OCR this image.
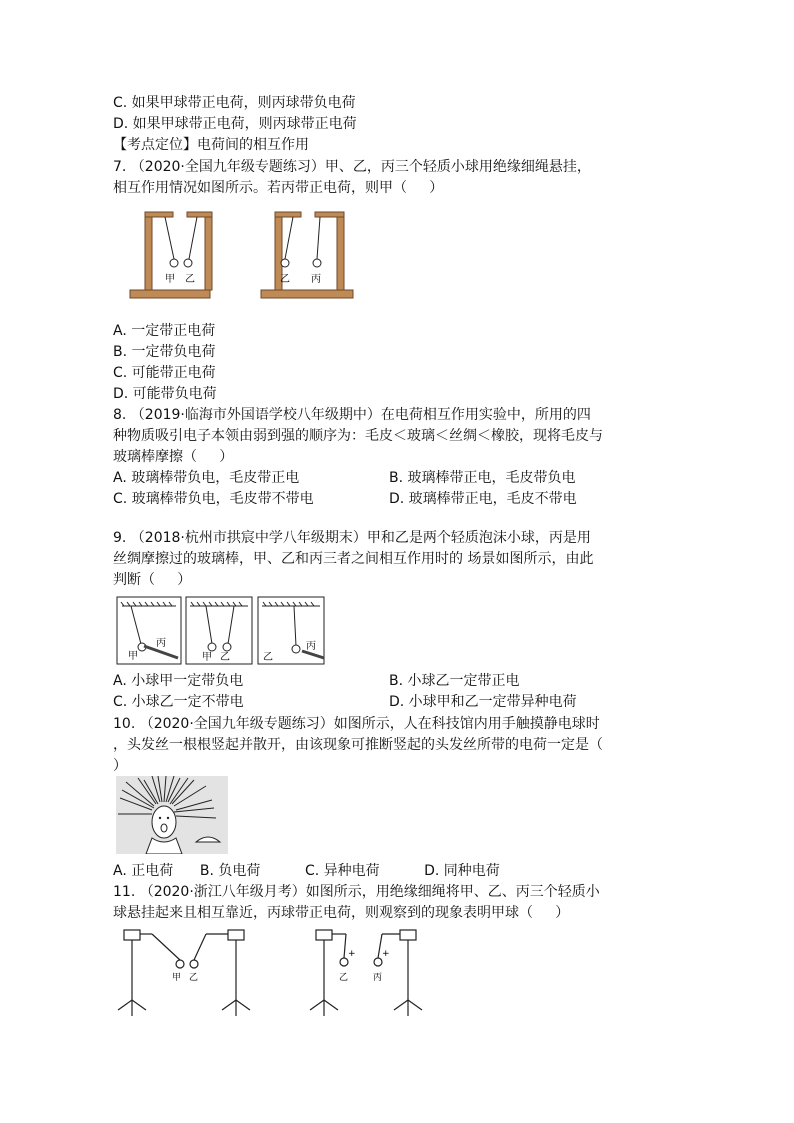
C. 如果甲球带正电荷，则丙球带负电荷
D. 如果甲球带正电荷，则丙球带正电荷
【考点定位】电荷间的相互作用
7. （2020·全国九年级专题练习）甲、乙，丙三个轻质小球用绝缘细绳悬挂，
相互作用情况如图所示。若丙带正电荷，则甲（     ）
甲 乙	乙 丙
A. 一定带正电荷
B. 一定带负电荷
C. 可能带正电荷
D. 可能带负电荷
8. （2019·临海市外国语学校八年级期中）在电荷相互作用实验中，所用的四
种物质吸引电子本领由弱到强的顺序为：毛皮＜玻璃＜丝绸＜橡胶，现将毛皮与
玻璃棒摩擦（     ）
A. 玻璃棒带负电，毛皮带正电	B. 玻璃棒带正电，毛皮带负电
C. 玻璃棒带负电，毛皮带不带电	D. 玻璃棒带正电，毛皮不带电
9. （2018·杭州市拱宸中学八年级期末）甲和乙是两个轻质泡沫小球，丙是用
丝绸摩擦过的玻璃棒，甲、乙和丙三者之间相互作用时的 场景如图所示，由此
判断（     ）
丙
甲	甲 乙	乙
丙
A. 小球甲一定带负电	B. 小球乙一定带正电
C. 小球乙一定不带电	D. 小球甲和乙一定带异种电荷
10. （2020·全国九年级专题练习）如图所示，人在科技馆内用手触摸静电球时
，头发丝一根根竖起并散开，由该现象可推断竖起的头发丝所带的电荷一定是（
）
A. 正电荷      B. 负电荷          C. 异种电荷          D. 同种电荷
11. （2020·浙江八年级月考）如图所示，用绝缘细绳将甲、乙、丙三个轻质小
球悬挂起来且相互靠近，丙球带正电荷，则观察到的现象表明甲球（     ）
甲 乙	乙	丙
+	+
